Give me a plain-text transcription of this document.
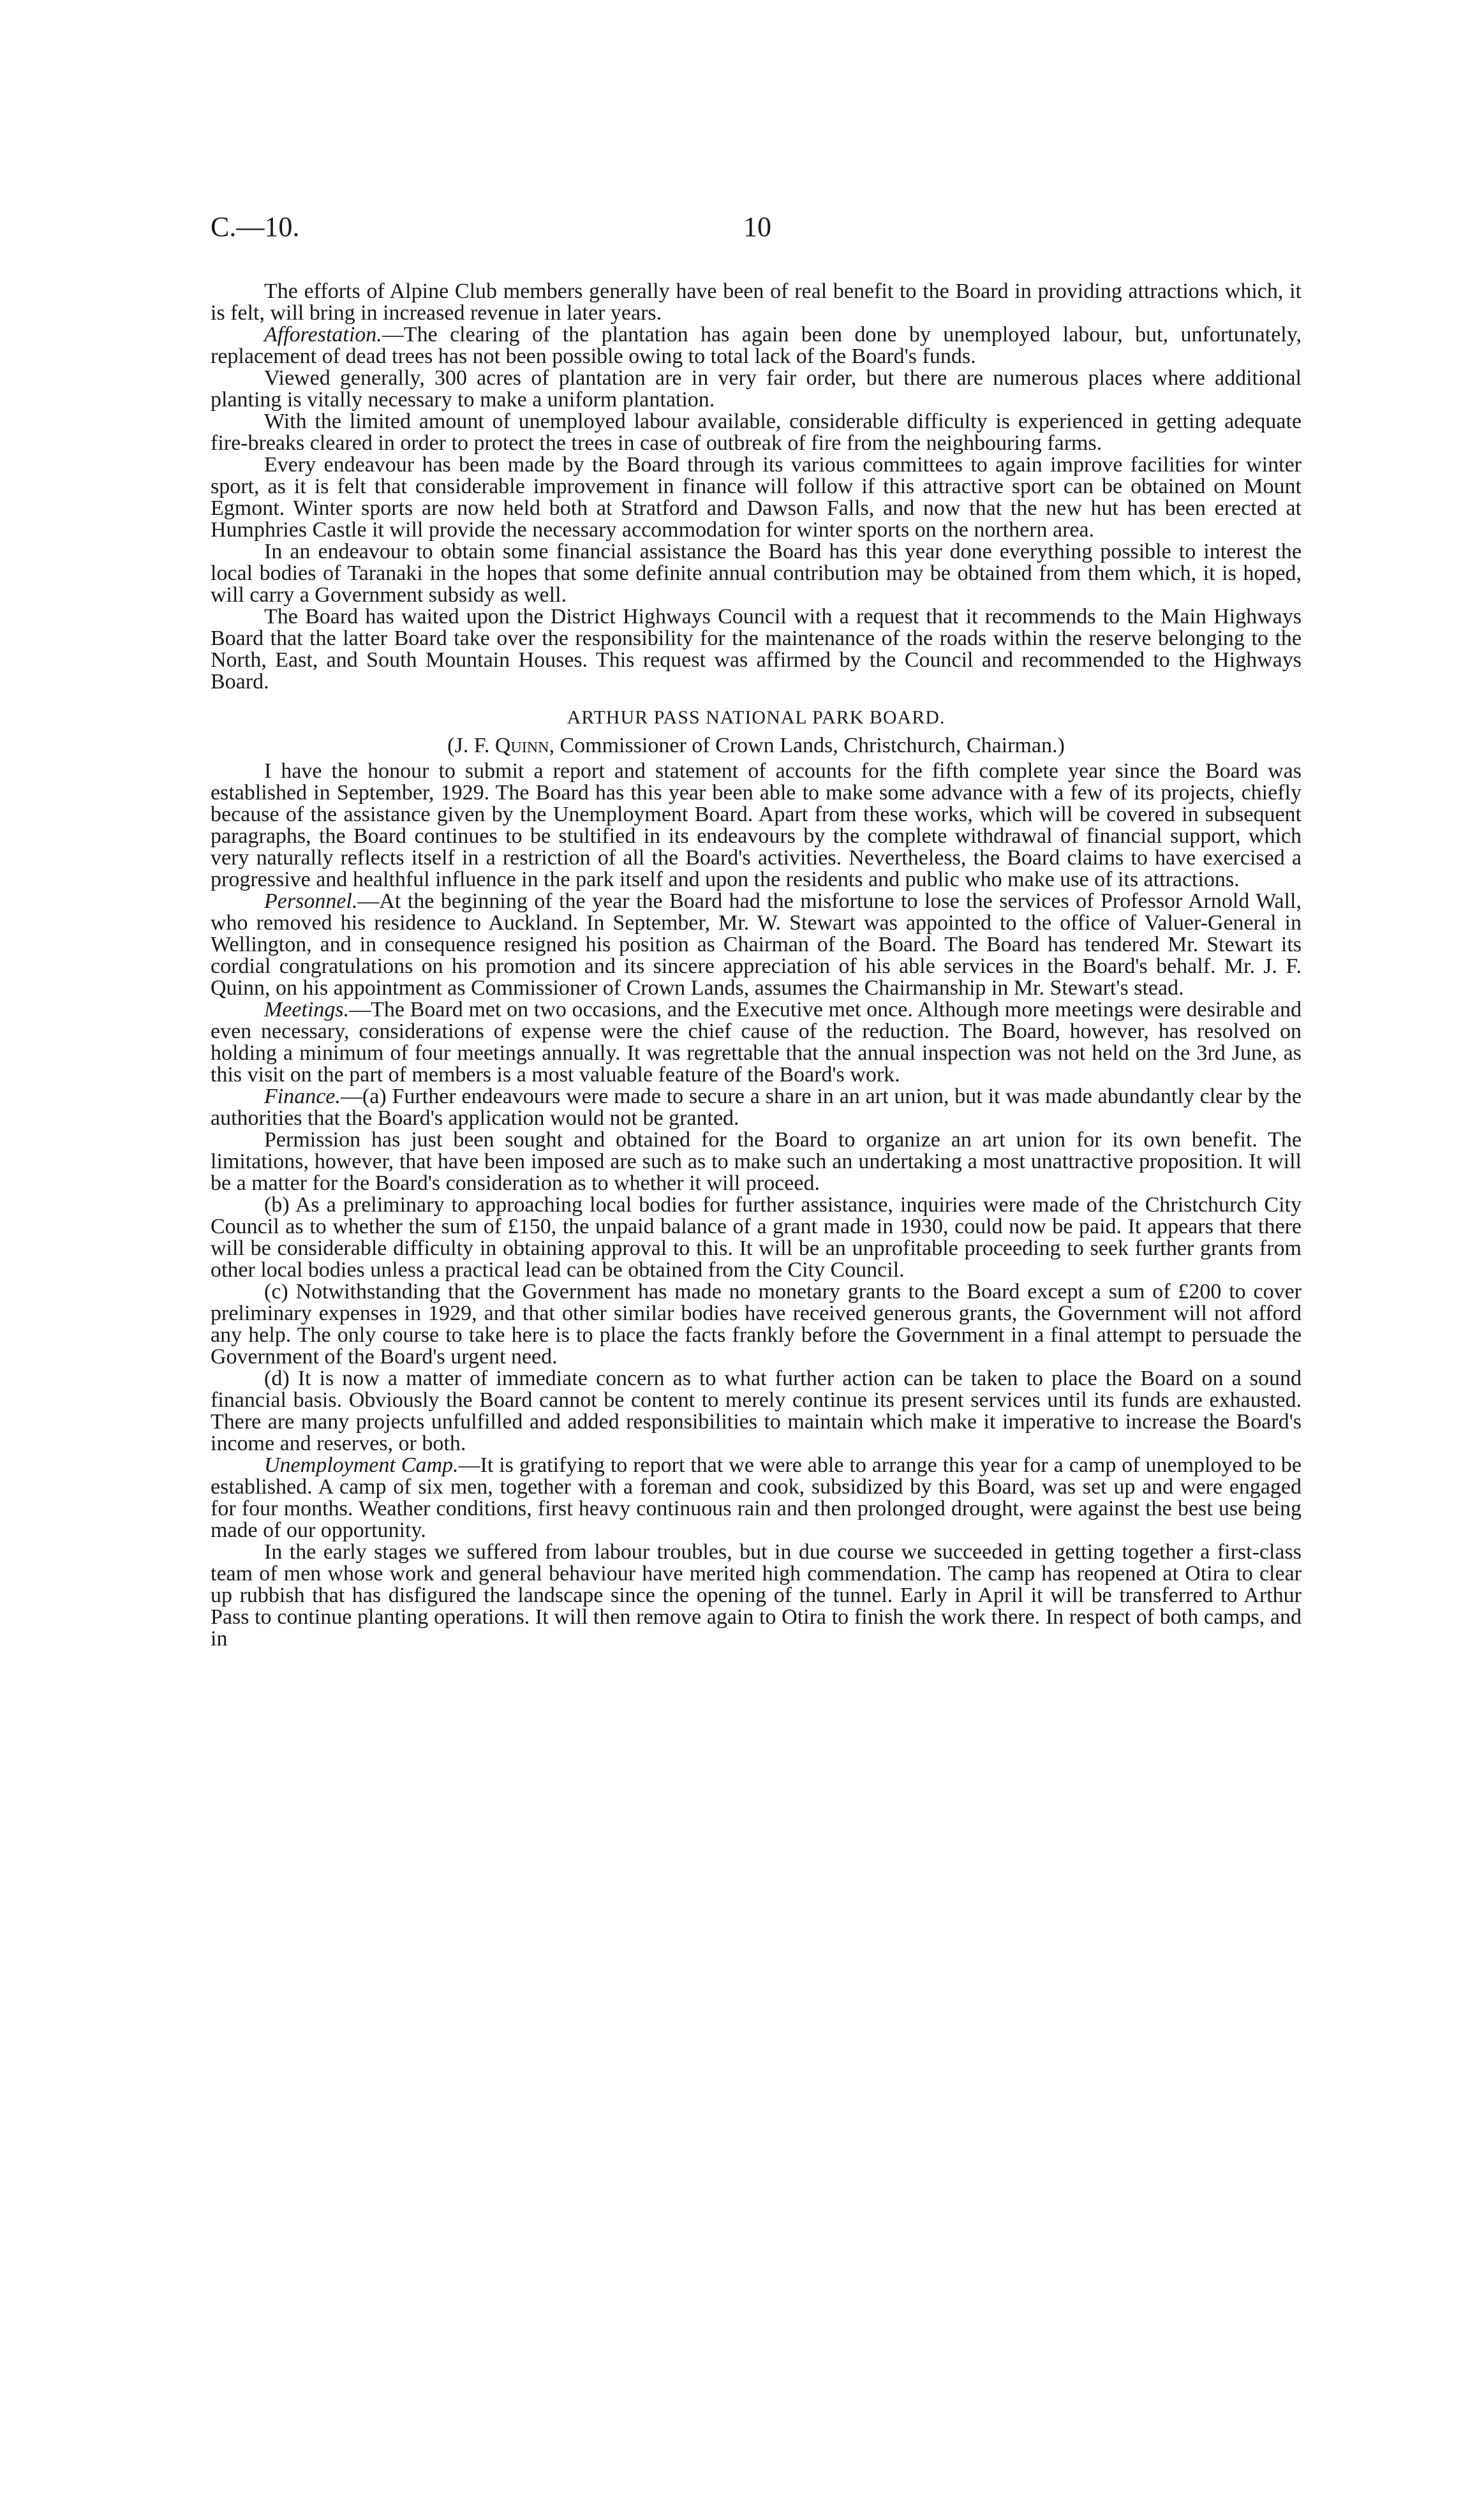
C.—10.	10

The efforts of Alpine Club members generally have been of real benefit to the Board in providing attractions which, it is felt, will bring in increased revenue in later years.

Afforestation.—The clearing of the plantation has again been done by unemployed labour, but, unfortunately, replacement of dead trees has not been possible owing to total lack of the Board's funds.

Viewed generally, 300 acres of plantation are in very fair order, but there are numerous places where additional planting is vitally necessary to make a uniform plantation.

With the limited amount of unemployed labour available, considerable difficulty is experienced in getting adequate fire-breaks cleared in order to protect the trees in case of outbreak of fire from the neighbouring farms.

Every endeavour has been made by the Board through its various committees to again improve facilities for winter sport, as it is felt that considerable improvement in finance will follow if this attractive sport can be obtained on Mount Egmont. Winter sports are now held both at Stratford and Dawson Falls, and now that the new hut has been erected at Humphries Castle it will provide the necessary accommodation for winter sports on the northern area.

In an endeavour to obtain some financial assistance the Board has this year done everything possible to interest the local bodies of Taranaki in the hopes that some definite annual contribution may be obtained from them which, it is hoped, will carry a Government subsidy as well.

The Board has waited upon the District Highways Council with a request that it recommends to the Main Highways Board that the latter Board take over the responsibility for the maintenance of the roads within the reserve belonging to the North, East, and South Mountain Houses. This request was affirmed by the Council and recommended to the Highways Board.

ARTHUR PASS NATIONAL PARK BOARD.

(J. F. Quinn, Commissioner of Crown Lands, Christchurch, Chairman.)

I have the honour to submit a report and statement of accounts for the fifth complete year since the Board was established in September, 1929. The Board has this year been able to make some advance with a few of its projects, chiefly because of the assistance given by the Unemployment Board. Apart from these works, which will be covered in subsequent paragraphs, the Board continues to be stultified in its endeavours by the complete withdrawal of financial support, which very naturally reflects itself in a restriction of all the Board's activities. Nevertheless, the Board claims to have exercised a progressive and healthful influence in the park itself and upon the residents and public who make use of its attractions.

Personnel.—At the beginning of the year the Board had the misfortune to lose the services of Professor Arnold Wall, who removed his residence to Auckland. In September, Mr. W. Stewart was appointed to the office of Valuer-General in Wellington, and in consequence resigned his position as Chairman of the Board. The Board has tendered Mr. Stewart its cordial congratulations on his promotion and its sincere appreciation of his able services in the Board's behalf. Mr. J. F. Quinn, on his appointment as Commissioner of Crown Lands, assumes the Chairmanship in Mr. Stewart's stead.

Meetings.—The Board met on two occasions, and the Executive met once. Although more meetings were desirable and even necessary, considerations of expense were the chief cause of the reduction. The Board, however, has resolved on holding a minimum of four meetings annually. It was regrettable that the annual inspection was not held on the 3rd June, as this visit on the part of members is a most valuable feature of the Board's work.

Finance.—(a) Further endeavours were made to secure a share in an art union, but it was made abundantly clear by the authorities that the Board's application would not be granted.

Permission has just been sought and obtained for the Board to organize an art union for its own benefit. The limitations, however, that have been imposed are such as to make such an undertaking a most unattractive proposition. It will be a matter for the Board's consideration as to whether it will proceed.

(b) As a preliminary to approaching local bodies for further assistance, inquiries were made of the Christchurch City Council as to whether the sum of £150, the unpaid balance of a grant made in 1930, could now be paid. It appears that there will be considerable difficulty in obtaining approval to this. It will be an unprofitable proceeding to seek further grants from other local bodies unless a practical lead can be obtained from the City Council.

(c) Notwithstanding that the Government has made no monetary grants to the Board except a sum of £200 to cover preliminary expenses in 1929, and that other similar bodies have received generous grants, the Government will not afford any help. The only course to take here is to place the facts frankly before the Government in a final attempt to persuade the Government of the Board's urgent need.

(d) It is now a matter of immediate concern as to what further action can be taken to place the Board on a sound financial basis. Obviously the Board cannot be content to merely continue its present services until its funds are exhausted. There are many projects unfulfilled and added responsibilities to maintain which make it imperative to increase the Board's income and reserves, or both.

Unemployment Camp.—It is gratifying to report that we were able to arrange this year for a camp of unemployed to be established. A camp of six men, together with a foreman and cook, subsidized by this Board, was set up and were engaged for four months. Weather conditions, first heavy continuous rain and then prolonged drought, were against the best use being made of our opportunity.

In the early stages we suffered from labour troubles, but in due course we succeeded in getting together a first-class team of men whose work and general behaviour have merited high commendation. The camp has reopened at Otira to clear up rubbish that has disfigured the landscape since the opening of the tunnel. Early in April it will be transferred to Arthur Pass to continue planting operations. It will then remove again to Otira to finish the work there. In respect of both camps, and in
